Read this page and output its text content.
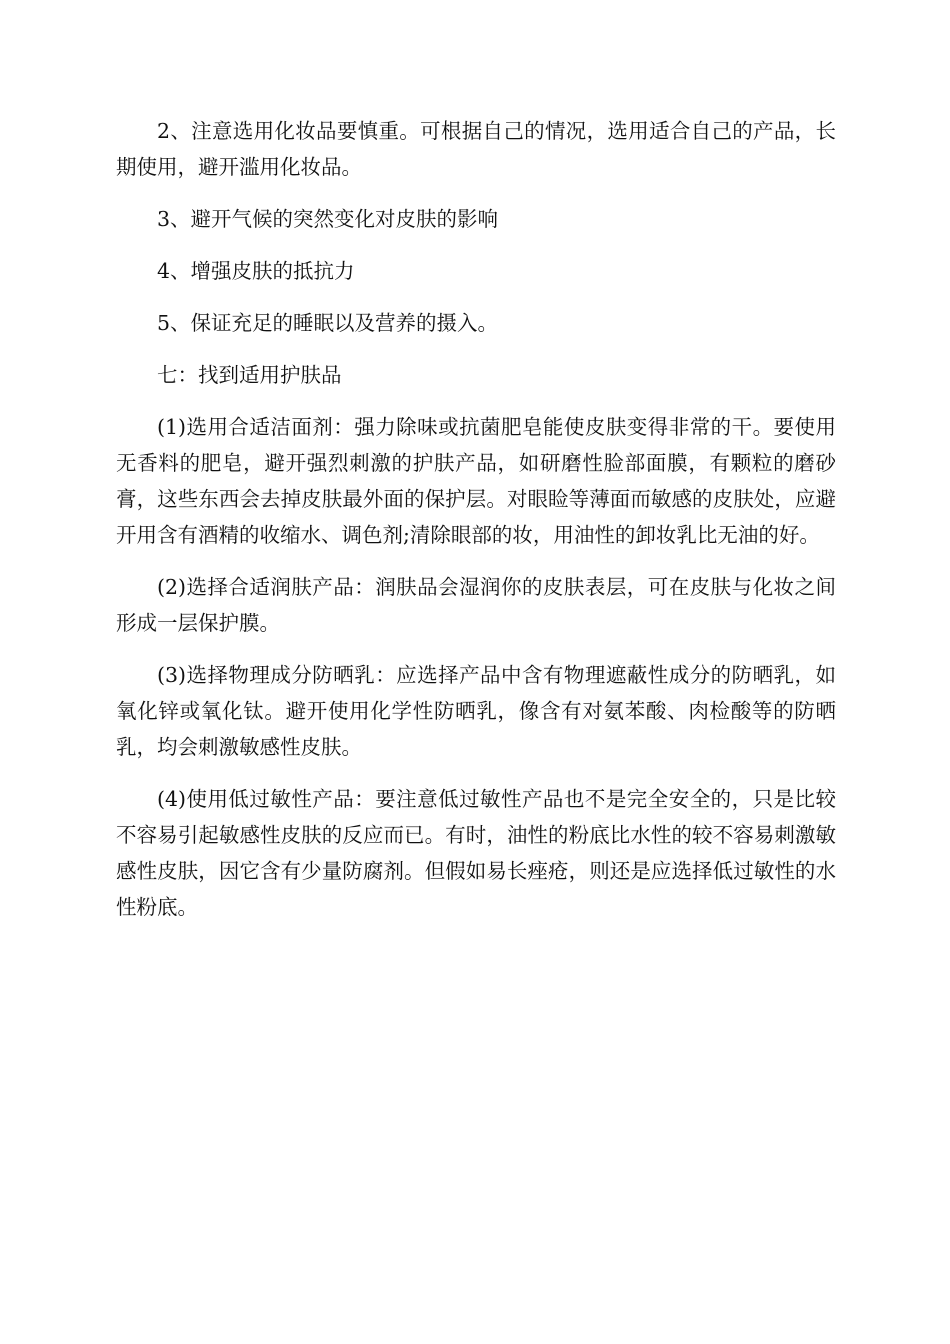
2、注意选用化妆品要慎重。可根据自己的情况，选用适合自己的产品，长期使用，避开滥用化妆品。

3、避开气候的突然变化对皮肤的影响

4、增强皮肤的抵抗力

5、保证充足的睡眠以及营养的摄入。

七：找到适用护肤品

(1)选用合适洁面剂：强力除味或抗菌肥皂能使皮肤变得非常的干。要使用无香料的肥皂，避开强烈刺激的护肤产品，如研磨性脸部面膜，有颗粒的磨砂膏，这些东西会去掉皮肤最外面的保护层。对眼睑等薄面而敏感的皮肤处，应避开用含有酒精的收缩水、调色剂;清除眼部的妆，用油性的卸妆乳比无油的好。

(2)选择合适润肤产品：润肤品会湿润你的皮肤表层，可在皮肤与化妆之间形成一层保护膜。

(3)选择物理成分防晒乳：应选择产品中含有物理遮蔽性成分的防晒乳，如氧化锌或氧化钛。避开使用化学性防晒乳，像含有对氨苯酸、肉检酸等的防晒乳，均会刺激敏感性皮肤。

(4)使用低过敏性产品：要注意低过敏性产品也不是完全安全的，只是比较不容易引起敏感性皮肤的反应而已。有时，油性的粉底比水性的较不容易刺激敏感性皮肤，因它含有少量防腐剂。但假如易长痤疮，则还是应选择低过敏性的水性粉底。
